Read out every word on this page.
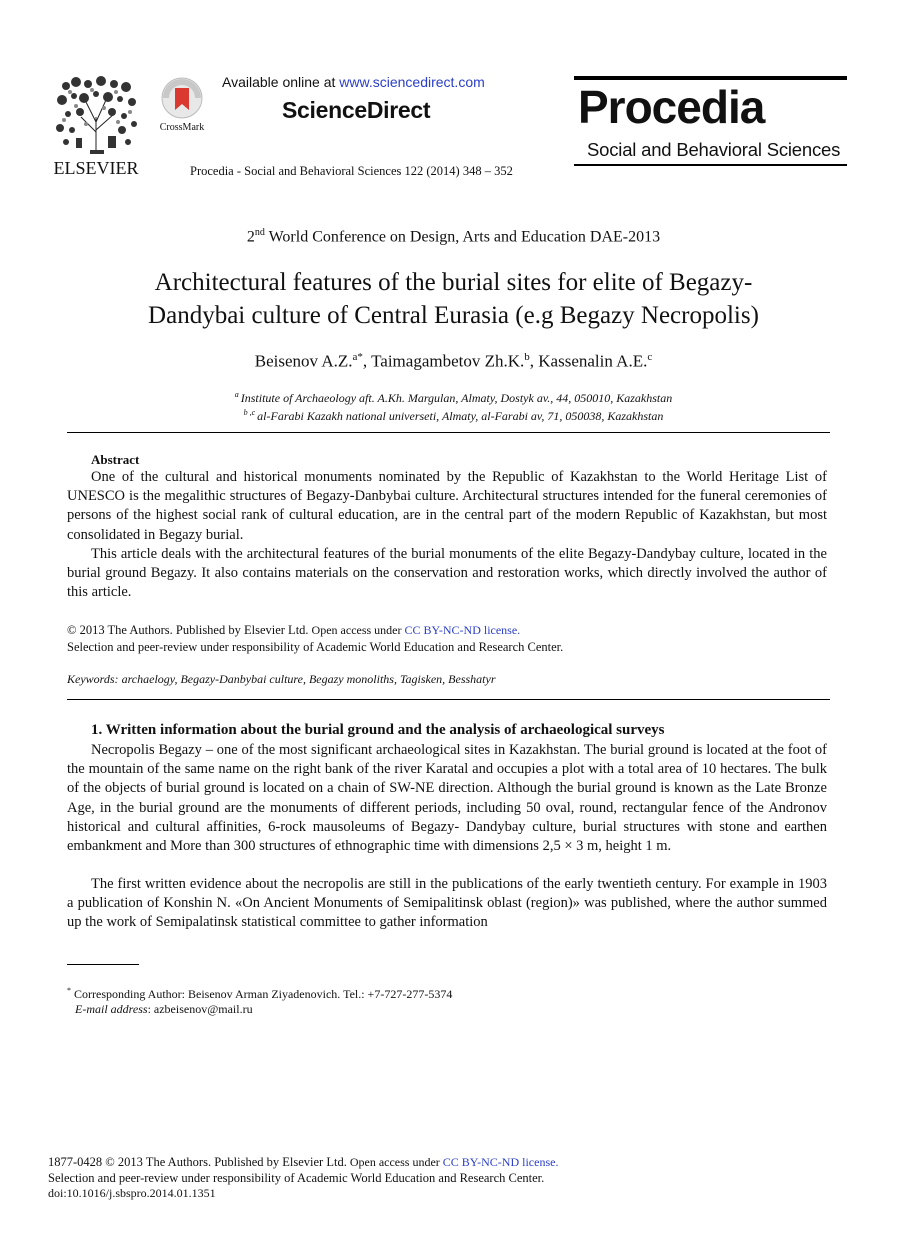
ELSEVIER
CrossMark
Available online at www.sciencedirect.com
ScienceDirect
Procedia - Social and Behavioral Sciences 122 (2014) 348 – 352
Procedia
Social and Behavioral Sciences
2nd World Conference on Design, Arts and Education DAE-2013
Architectural features of the burial sites for elite of Begazy-
Dandybai culture of Central Eurasia (e.g Begazy Necropolis)
Beisenov A.Z.$^{a*}$, Taimagambetov Zh.K.$^b$, Kassenalin A.E.$^c$
$^a$ Institute of Archaeology aft. A.Kh. Margulan, Almaty, Dostyk av., 44, 050010, Kazakhstan
$^{b ,c}$ al-Farabi Kazakh national universeti, Almaty, al-Farabi av, 71, 050038, Kazakhstan
Abstract
One of the cultural and historical monuments nominated by the Republic of Kazakhstan to the World Heritage List of UNESCO is the megalithic structures of Begazy-Danbybai culture. Architectural structures intended for the funeral ceremonies of persons of the highest social rank of cultural education, are in the central part of the modern Republic of Kazakhstan, but most consolidated in Begazy burial.
This article deals with the architectural features of the burial monuments of the elite Begazy-Dandybay culture, located in the burial ground Begazy. It also contains materials on the conservation and restoration works, which directly involved the author of this article.
© 2013 The Authors. Published by Elsevier Ltd. Open access under CC BY-NC-ND license.
Selection and peer-review under responsibility of Academic World Education and Research Center.
Keywords: archaelogy, Begazy-Danbybai culture, Begazy monoliths, Tagisken, Besshatyr
1. Written information about the burial ground and the analysis of archaeological surveys
Necropolis Begazy – one of the most significant archaeological sites in Kazakhstan. The burial ground is located at the foot of the mountain of the same name on the right bank of the river Karatal and occupies a plot with a total area of 10 hectares. The bulk of the objects of burial ground is located on a chain of SW-NE direction. Although the burial ground is known as the Late Bronze Age, in the burial ground are the monuments of different periods, including 50 oval, round, rectangular fence of the Andronov historical and cultural affinities, 6-rock mausoleums of Begazy- Dandybay culture, burial structures with stone and earthen embankment and More than 300 structures of ethnographic time with dimensions 2,5 × 3 m, height 1 m.
The first written evidence about the necropolis are still in the publications of the early twentieth century. For example in 1903 a publication of Konshin N. «On Ancient Monuments of Semipalitinsk oblast (region)» was published, where the author summed up the work of Semipalatinsk statistical committee to gather information
* Corresponding Author: Beisenov Arman Ziyadenovich. Tel.: +7-727-277-5374
E-mail address: azbeisenov@mail.ru
1877-0428 © 2013 The Authors. Published by Elsevier Ltd. Open access under CC BY-NC-ND license.
Selection and peer-review under responsibility of Academic World Education and Research Center.
doi:10.1016/j.sbspro.2014.01.1351
